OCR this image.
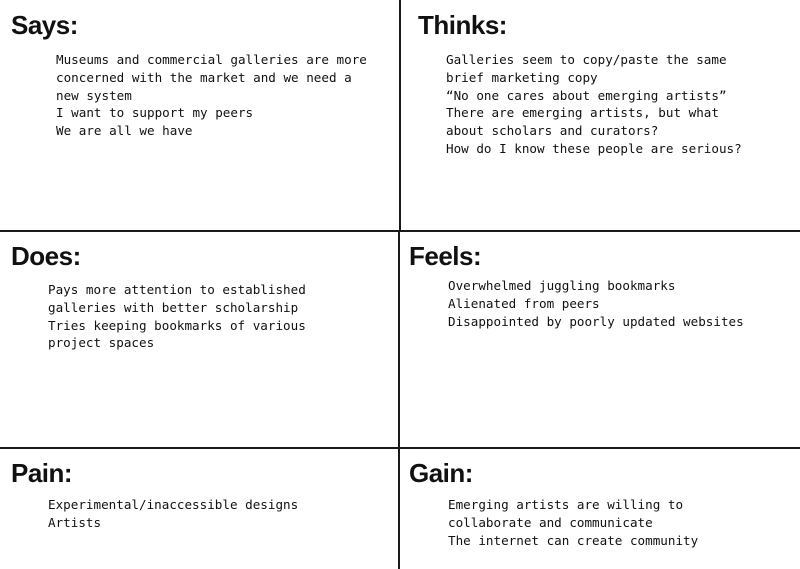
Says:
Museums and commercial galleries are more concerned with the market and we need a new system
I want to support my peers
We are all we have
Thinks:
Galleries seem to copy/paste the same brief marketing copy
“No one cares about emerging artists”
There are emerging artists, but what about scholars and curators?
How do I know these people are serious?
Does:
Pays more attention to established galleries with better scholarship
Tries keeping bookmarks of various project spaces
Feels:
Overwhelmed juggling bookmarks
Alienated from peers
Disappointed by poorly updated websites
Pain:
Experimental/inaccessible designs
Artists
Gain:
Emerging artists are willing to collaborate and communicate
The internet can create community
